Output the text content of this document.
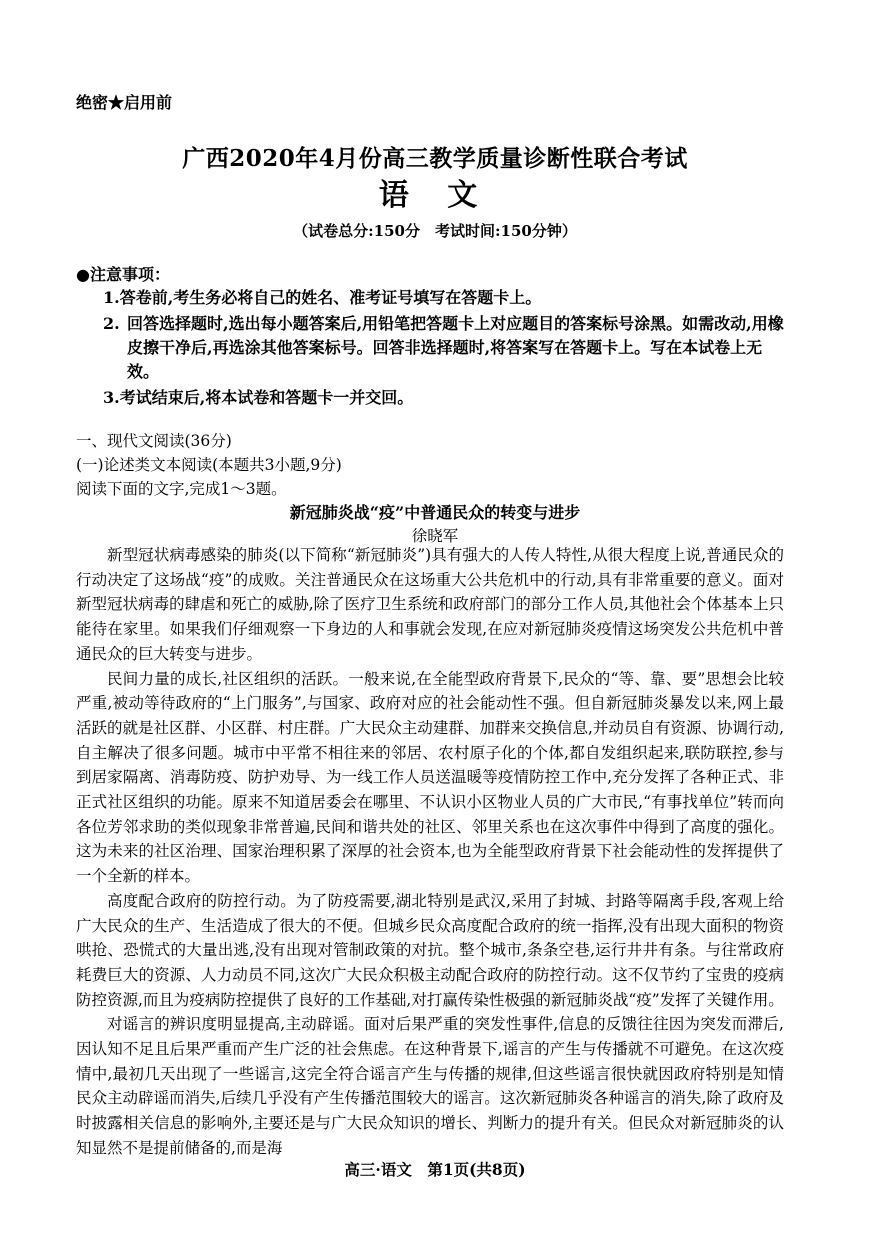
绝密★启用前
广西2020年4月份高三教学质量诊断性联合考试
语 文
（试卷总分:150分　考试时间:150分钟）
●注意事项：
1.答卷前,考生务必将自己的姓名、准考证号填写在答题卡上。
2. 回答选择题时,选出每小题答案后,用铅笔把答题卡上对应题目的答案标号涂黑。如需改动,用橡皮擦干净后,再选涂其他答案标号。回答非选择题时,将答案写在答题卡上。写在本试卷上无效。
3.考试结束后,将本试卷和答题卡一并交回。
一、现代文阅读(36分)
(一)论述类文本阅读(本题共3小题,9分)
阅读下面的文字,完成1～3题。
新冠肺炎战“疫”中普通民众的转变与进步
徐晓军

新型冠状病毒感染的肺炎(以下简称“新冠肺炎”)具有强大的人传人特性,从很大程度上说,普通民众的行动决定了这场战“疫”的成败。关注普通民众在这场重大公共危机中的行动,具有非常重要的意义。面对新型冠状病毒的肆虐和死亡的威胁,除了医疗卫生系统和政府部门的部分工作人员,其他社会个体基本上只能待在家里。如果我们仔细观察一下身边的人和事就会发现,在应对新冠肺炎疫情这场突发公共危机中普通民众的巨大转变与进步。

民间力量的成长,社区组织的活跃。一般来说,在全能型政府背景下,民众的“等、靠、要”思想会比较严重,被动等待政府的“上门服务”,与国家、政府对应的社会能动性不强。但自新冠肺炎暴发以来,网上最活跃的就是社区群、小区群、村庄群。广大民众主动建群、加群来交换信息,并动员自有资源、协调行动,自主解决了很多问题。城市中平常不相往来的邻居、农村原子化的个体,都自发组织起来,联防联控,参与到居家隔离、消毒防疫、防护劝导、为一线工作人员送温暖等疫情防控工作中,充分发挥了各种正式、非正式社区组织的功能。原来不知道居委会在哪里、不认识小区物业人员的广大市民,“有事找单位”转而向各位芳邻求助的类似现象非常普遍,民间和谐共处的社区、邻里关系也在这次事件中得到了高度的强化。这为未来的社区治理、国家治理积累了深厚的社会资本,也为全能型政府背景下社会能动性的发挥提供了一个全新的样本。

高度配合政府的防控行动。为了防疫需要,湖北特别是武汉,采用了封城、封路等隔离手段,客观上给广大民众的生产、生活造成了很大的不便。但城乡民众高度配合政府的统一指挥,没有出现大面积的物资哄抢、恐慌式的大量出逃,没有出现对管制政策的对抗。整个城市,条条空巷,运行井井有条。与往常政府耗费巨大的资源、人力动员不同,这次广大民众积极主动配合政府的防控行动。这不仅节约了宝贵的疫病防控资源,而且为疫病防控提供了良好的工作基础,对打赢传染性极强的新冠肺炎战“疫”发挥了关键作用。

对谣言的辨识度明显提高,主动辟谣。面对后果严重的突发性事件,信息的反馈往往因为突发而滞后,因认知不足且后果严重而产生广泛的社会焦虑。在这种背景下,谣言的产生与传播就不可避免。在这次疫情中,最初几天出现了一些谣言,这完全符合谣言产生与传播的规律,但这些谣言很快就因政府特别是知情民众主动辟谣而消失,后续几乎没有产生传播范围较大的谣言。这次新冠肺炎各种谣言的消失,除了政府及时披露相关信息的影响外,主要还是与广大民众知识的增长、判断力的提升有关。但民众对新冠肺炎的认知显然不是提前储备的,而是海

高三·语文　第1页(共8页)
